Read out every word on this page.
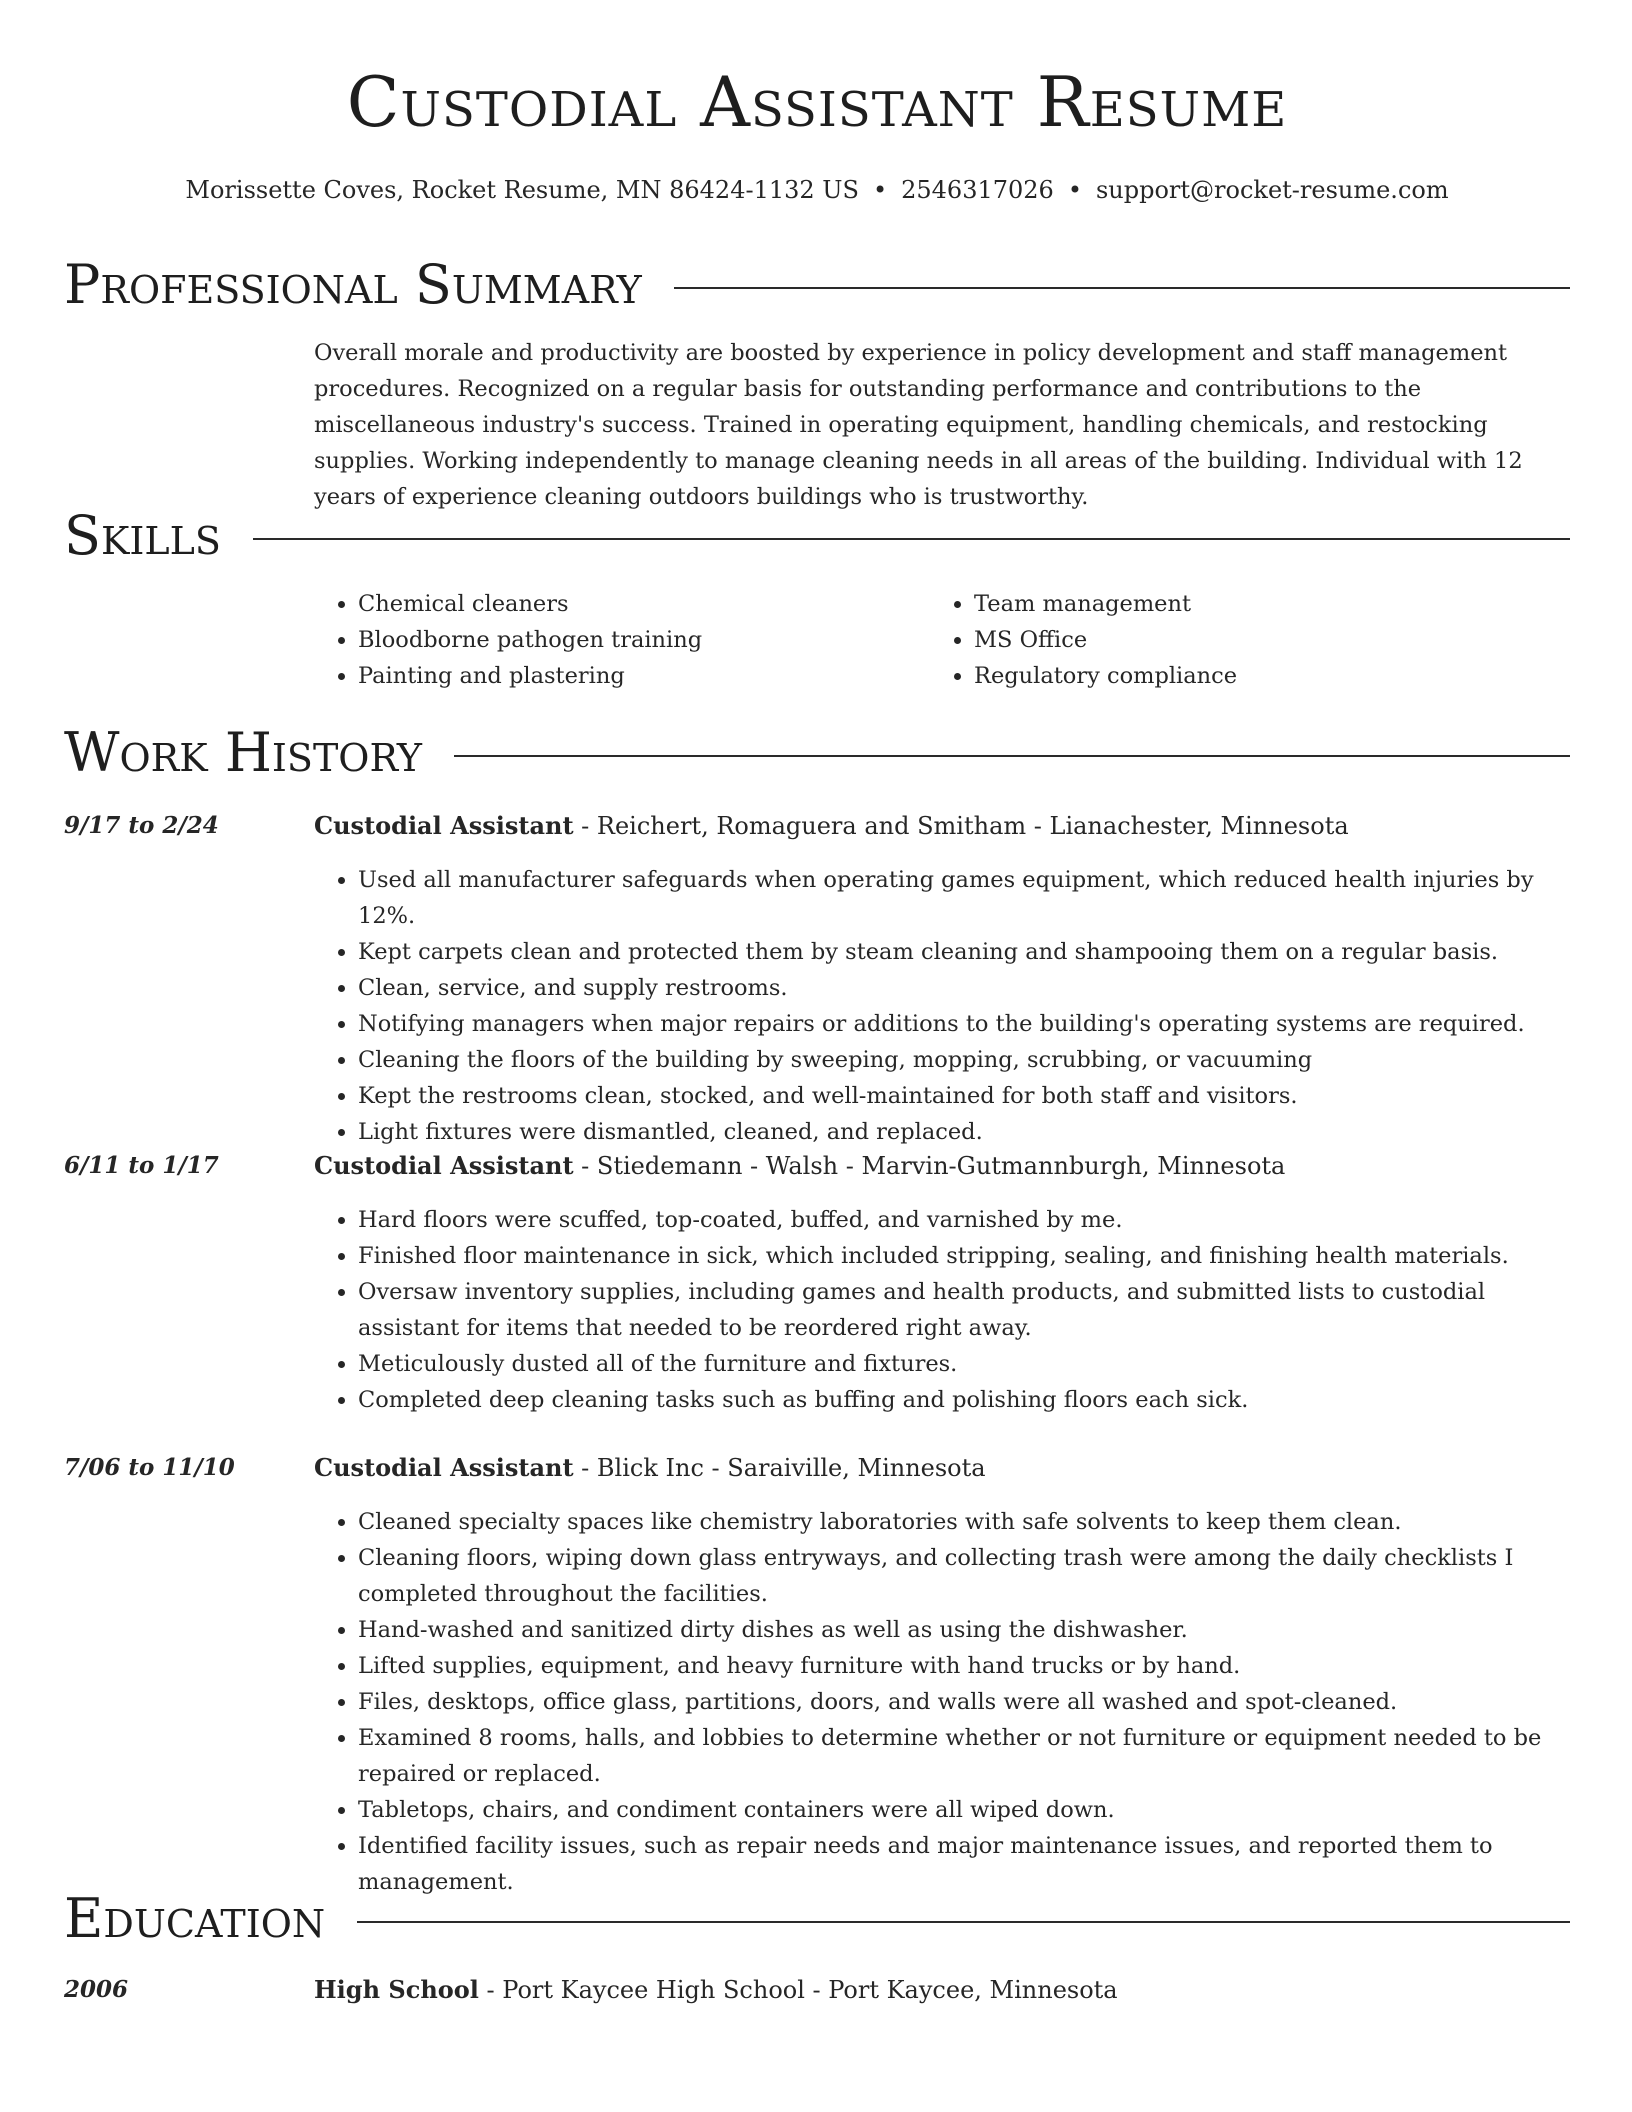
Custodial Assistant Resume
Morissette Coves, Rocket Resume, MN 86424-1132 US • 2546317026 • support@rocket-resume.com
Professional Summary

Overall morale and productivity are boosted by experience in policy development and staff management procedures. Recognized on a regular basis for outstanding performance and contributions to the miscellaneous industry's success. Trained in operating equipment, handling chemicals, and restocking supplies. Working independently to manage cleaning needs in all areas of the building. Individual with 12 years of experience cleaning outdoors buildings who is trustworthy.

Skills
• Chemical cleaners
• Bloodborne pathogen training
• Painting and plastering
• Team management
• MS Office
• Regulatory compliance
Work History
9/17 to 2/24	Custodial Assistant - Reichert, Romaguera and Smitham - Lianachester, Minnesota
• Used all manufacturer safeguards when operating games equipment, which reduced health injuries by 12%.
• Kept carpets clean and protected them by steam cleaning and shampooing them on a regular basis.
• Clean, service, and supply restrooms.
• Notifying managers when major repairs or additions to the building's operating systems are required.
• Cleaning the floors of the building by sweeping, mopping, scrubbing, or vacuuming
• Kept the restrooms clean, stocked, and well-maintained for both staff and visitors.
• Light fixtures were dismantled, cleaned, and replaced.
6/11 to 1/17	Custodial Assistant - Stiedemann - Walsh - Marvin-Gutmannburgh, Minnesota
• Hard floors were scuffed, top-coated, buffed, and varnished by me.
• Finished floor maintenance in sick, which included stripping, sealing, and finishing health materials.
• Oversaw inventory supplies, including games and health products, and submitted lists to custodial assistant for items that needed to be reordered right away.
• Meticulously dusted all of the furniture and fixtures.
• Completed deep cleaning tasks such as buffing and polishing floors each sick.
7/06 to 11/10	Custodial Assistant - Blick Inc - Saraiville, Minnesota
• Cleaned specialty spaces like chemistry laboratories with safe solvents to keep them clean.
• Cleaning floors, wiping down glass entryways, and collecting trash were among the daily checklists I completed throughout the facilities.
• Hand-washed and sanitized dirty dishes as well as using the dishwasher.
• Lifted supplies, equipment, and heavy furniture with hand trucks or by hand.
• Files, desktops, office glass, partitions, doors, and walls were all washed and spot-cleaned.
• Examined 8 rooms, halls, and lobbies to determine whether or not furniture or equipment needed to be repaired or replaced.
• Tabletops, chairs, and condiment containers were all wiped down.
• Identified facility issues, such as repair needs and major maintenance issues, and reported them to management.
Education
2006	High School - Port Kaycee High School - Port Kaycee, Minnesota
